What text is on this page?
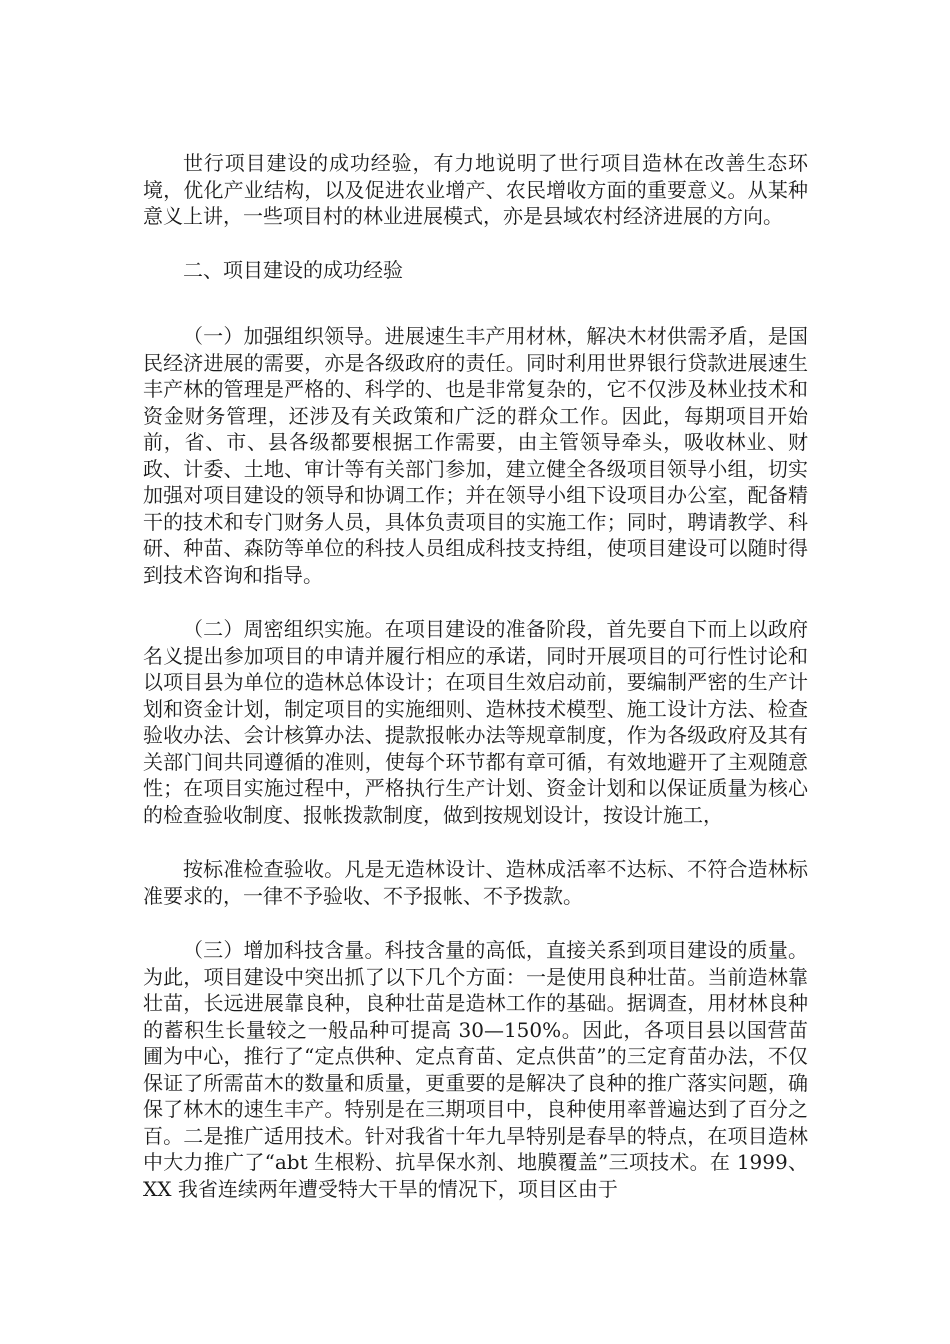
世行项目建设的成功经验，有力地说明了世行项目造林在改善生态环境，优化产业结构，以及促进农业增产、农民增收方面的重要意义。从某种意义上讲，一些项目村的林业进展模式，亦是县域农村经济进展的方向。

二、项目建设的成功经验

（一）加强组织领导。进展速生丰产用材林，解决木材供需矛盾，是国民经济进展的需要，亦是各级政府的责任。同时利用世界银行贷款进展速生丰产林的管理是严格的、科学的、也是非常复杂的，它不仅涉及林业技术和资金财务管理，还涉及有关政策和广泛的群众工作。因此，每期项目开始前，省、市、县各级都要根据工作需要，由主管领导牵头，吸收林业、财政、计委、土地、审计等有关部门参加，建立健全各级项目领导小组，切实加强对项目建设的领导和协调工作；并在领导小组下设项目办公室，配备精干的技术和专门财务人员，具体负责项目的实施工作；同时，聘请教学、科研、种苗、森防等单位的科技人员组成科技支持组，使项目建设可以随时得到技术咨询和指导。

（二）周密组织实施。在项目建设的准备阶段，首先要自下而上以政府名义提出参加项目的申请并履行相应的承诺，同时开展项目的可行性讨论和以项目县为单位的造林总体设计；在项目生效启动前，要编制严密的生产计划和资金计划，制定项目的实施细则、造林技术模型、施工设计方法、检查验收办法、会计核算办法、提款报帐办法等规章制度，作为各级政府及其有关部门间共同遵循的准则，使每个环节都有章可循，有效地避开了主观随意性；在项目实施过程中，严格执行生产计划、资金计划和以保证质量为核心的检查验收制度、报帐拨款制度，做到按规划设计，按设计施工，

按标准检查验收。凡是无造林设计、造林成活率不达标、不符合造林标准要求的，一律不予验收、不予报帐、不予拨款。

（三）增加科技含量。科技含量的高低，直接关系到项目建设的质量。为此，项目建设中突出抓了以下几个方面：一是使用良种壮苗。当前造林靠壮苗，长远进展靠良种，良种壮苗是造林工作的基础。据调查，用材林良种的蓄积生长量较之一般品种可提高 30—150%。因此，各项目县以国营苗圃为中心，推行了“定点供种、定点育苗、定点供苗”的三定育苗办法，不仅保证了所需苗木的数量和质量，更重要的是解决了良种的推广落实问题，确保了林木的速生丰产。特别是在三期项目中，良种使用率普遍达到了百分之百。二是推广适用技术。针对我省十年九旱特别是春旱的特点，在项目造林中大力推广了“abt 生根粉、抗旱保水剂、地膜覆盖”三项技术。在 1999、XX 我省连续两年遭受特大干旱的情况下，项目区由于
